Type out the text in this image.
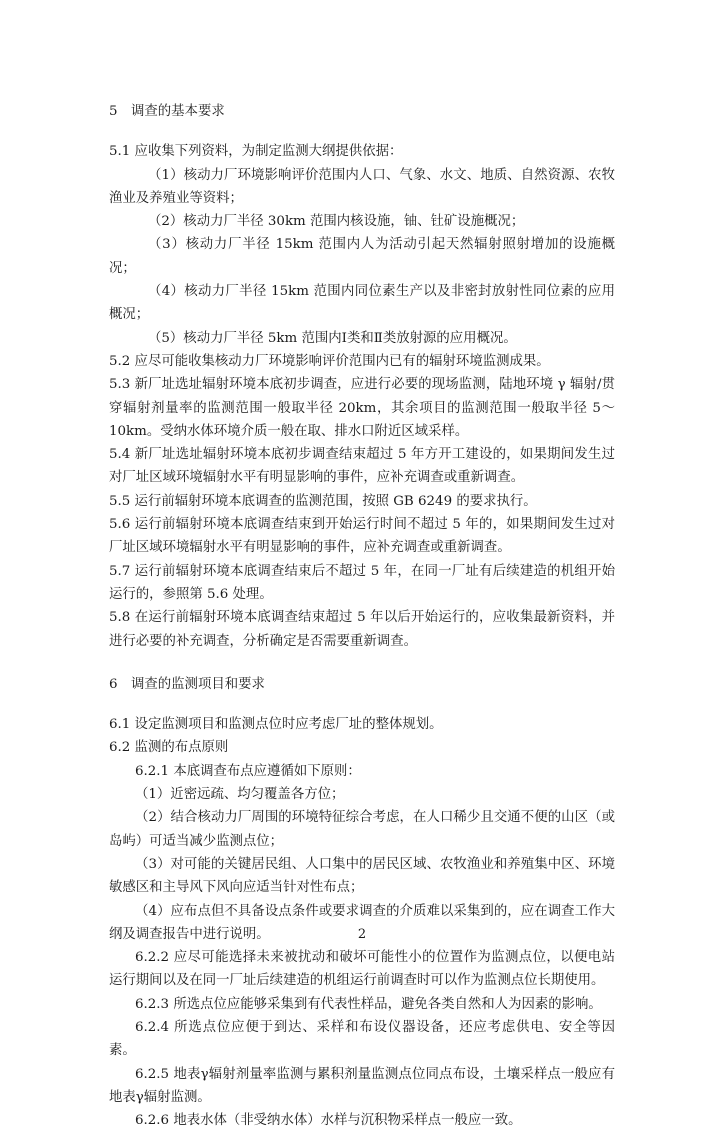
5 调查的基本要求

5.1 应收集下列资料，为制定监测大纲提供依据：

（1）核动力厂环境影响评价范围内人口、气象、水文、地质、自然资源、农牧渔业及养殖业等资料；

（2）核动力厂半径 30km 范围内核设施，铀、钍矿设施概况；

（3）核动力厂半径 15km 范围内人为活动引起天然辐射照射增加的设施概况；

（4）核动力厂半径 15km 范围内同位素生产以及非密封放射性同位素的应用概况；

（5）核动力厂半径 5km 范围内Ⅰ类和Ⅱ类放射源的应用概况。

5.2 应尽可能收集核动力厂环境影响评价范围内已有的辐射环境监测成果。

5.3 新厂址选址辐射环境本底初步调查，应进行必要的现场监测，陆地环境 γ 辐射/贯穿辐射剂量率的监测范围一般取半径 20km，其余项目的监测范围一般取半径 5～10km。受纳水体环境介质一般在取、排水口附近区域采样。

5.4 新厂址选址辐射环境本底初步调查结束超过 5 年方开工建设的，如果期间发生过对厂址区域环境辐射水平有明显影响的事件，应补充调查或重新调查。

5.5 运行前辐射环境本底调查的监测范围，按照 GB 6249 的要求执行。

5.6 运行前辐射环境本底调查结束到开始运行时间不超过 5 年的，如果期间发生过对厂址区域环境辐射水平有明显影响的事件，应补充调查或重新调查。

5.7 运行前辐射环境本底调查结束后不超过 5 年，在同一厂址有后续建造的机组开始运行的，参照第 5.6 处理。

5.8 在运行前辐射环境本底调查结束超过 5 年以后开始运行的，应收集最新资料，并进行必要的补充调查，分析确定是否需要重新调查。

6 调查的监测项目和要求

6.1 设定监测项目和监测点位时应考虑厂址的整体规划。

6.2 监测的布点原则

6.2.1 本底调查布点应遵循如下原则：

（1）近密远疏、均匀覆盖各方位；

（2）结合核动力厂周围的环境特征综合考虑，在人口稀少且交通不便的山区（或岛屿）可适当减少监测点位；

（3）对可能的关键居民组、人口集中的居民区域、农牧渔业和养殖集中区、环境敏感区和主导风下风向应适当针对性布点；

（4）应布点但不具备设点条件或要求调查的介质难以采集到的，应在调查工作大纲及调查报告中进行说明。

6.2.2 应尽可能选择未来被扰动和破坏可能性小的位置作为监测点位，以便电站运行期间以及在同一厂址后续建造的机组运行前调查时可以作为监测点位长期使用。

6.2.3 所选点位应能够采集到有代表性样品，避免各类自然和人为因素的影响。

6.2.4 所选点位应便于到达、采样和布设仪器设备，还应考虑供电、安全等因素。

6.2.5 地表γ辐射剂量率监测与累积剂量监测点位同点布设，土壤采样点一般应有地表γ辐射监测。

6.2.6 地表水体（非受纳水体）水样与沉积物采样点一般应一致。

2
